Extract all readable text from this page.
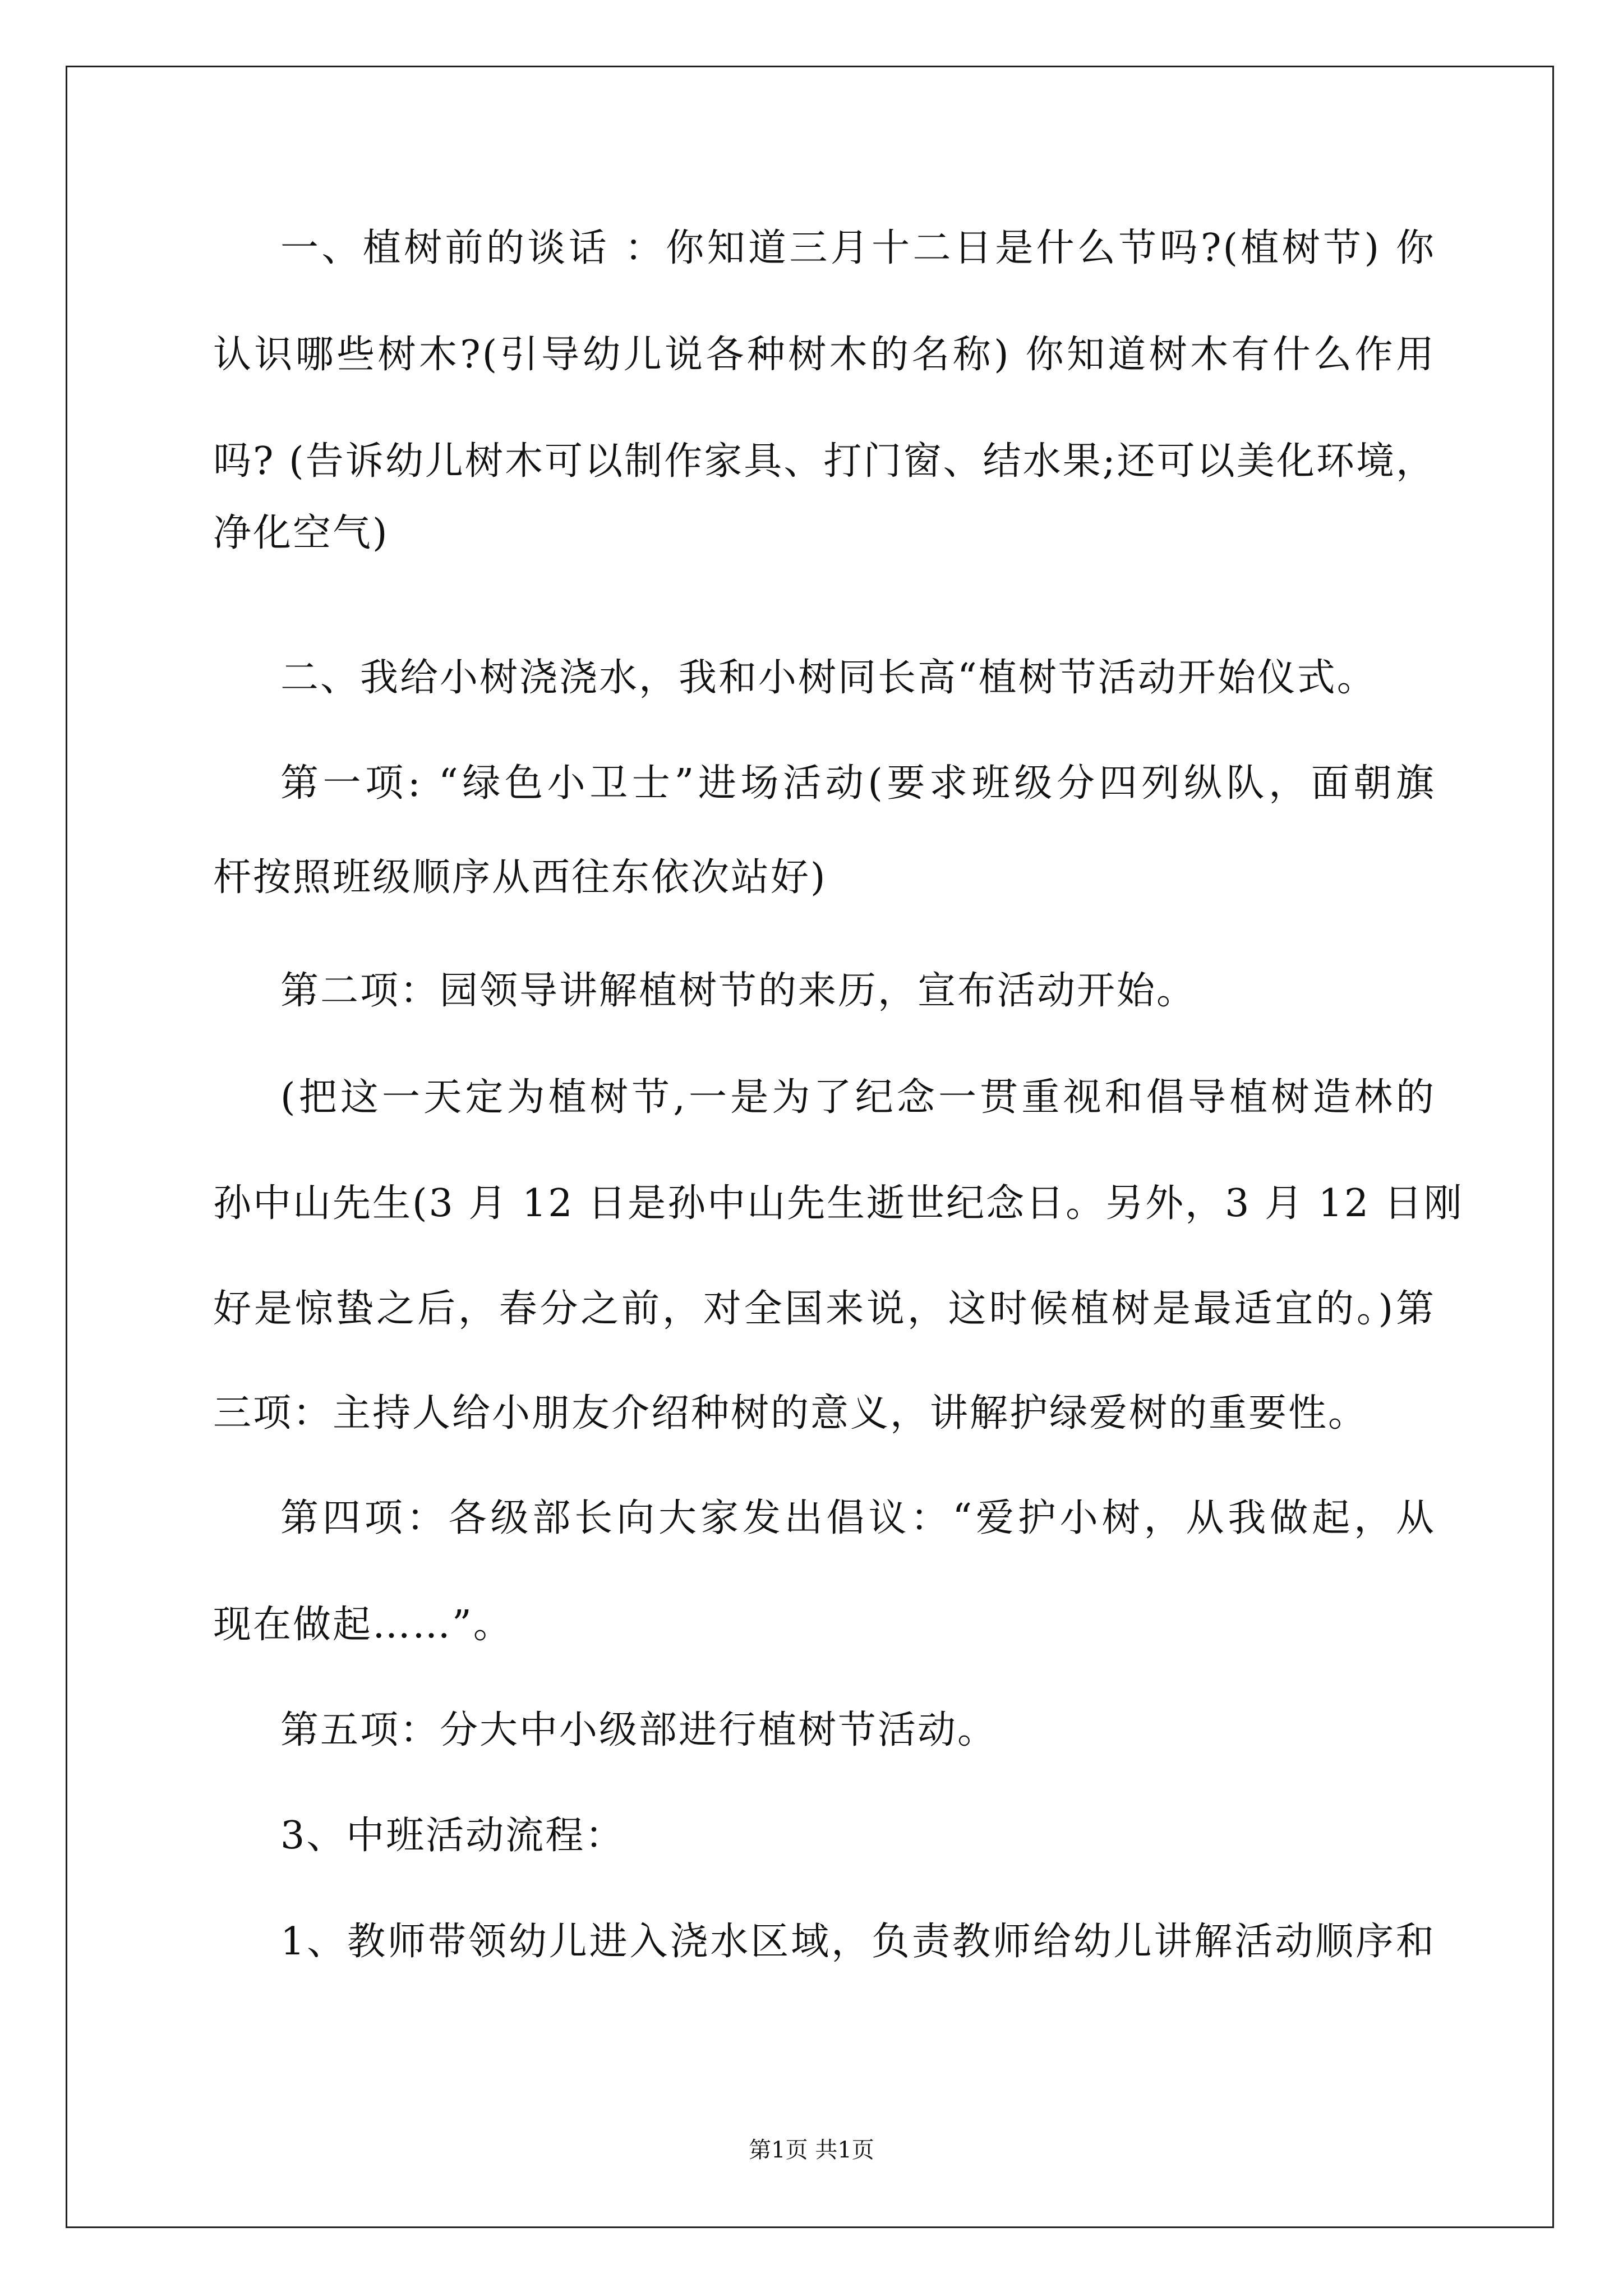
一、植树前的谈话 ：你知道三月十二日是什么节吗?(植树节) 你
认识哪些树木?(引导幼儿说各种树木的名称) 你知道树木有什么作用
吗? (告诉幼儿树木可以制作家具、打门窗、结水果;还可以美化环境，
净化空气)
二、我给小树浇浇水，我和小树同长高“植树节活动开始仪式。
第一项: “绿色小卫士”进场活动(要求班级分四列纵队，面朝旗
杆按照班级顺序从西往东依次站好)
第二项：园领导讲解植树节的来历，宣布活动开始。
(把这一天定为植树节,一是为了纪念一贯重视和倡导植树造林的
孙中山先生(3 月 12 日是孙中山先生逝世纪念日。另外，3 月 12 日刚
好是惊蛰之后，春分之前，对全国来说，这时候植树是最适宜的。)第
三项：主持人给小朋友介绍种树的意义，讲解护绿爱树的重要性。
第四项：各级部长向大家发出倡议：“爱护小树，从我做起，从
现在做起……”。
第五项：分大中小级部进行植树节活动。
3、中班活动流程：
1、教师带领幼儿进入浇水区域，负责教师给幼儿讲解活动顺序和
第1页 共1页
